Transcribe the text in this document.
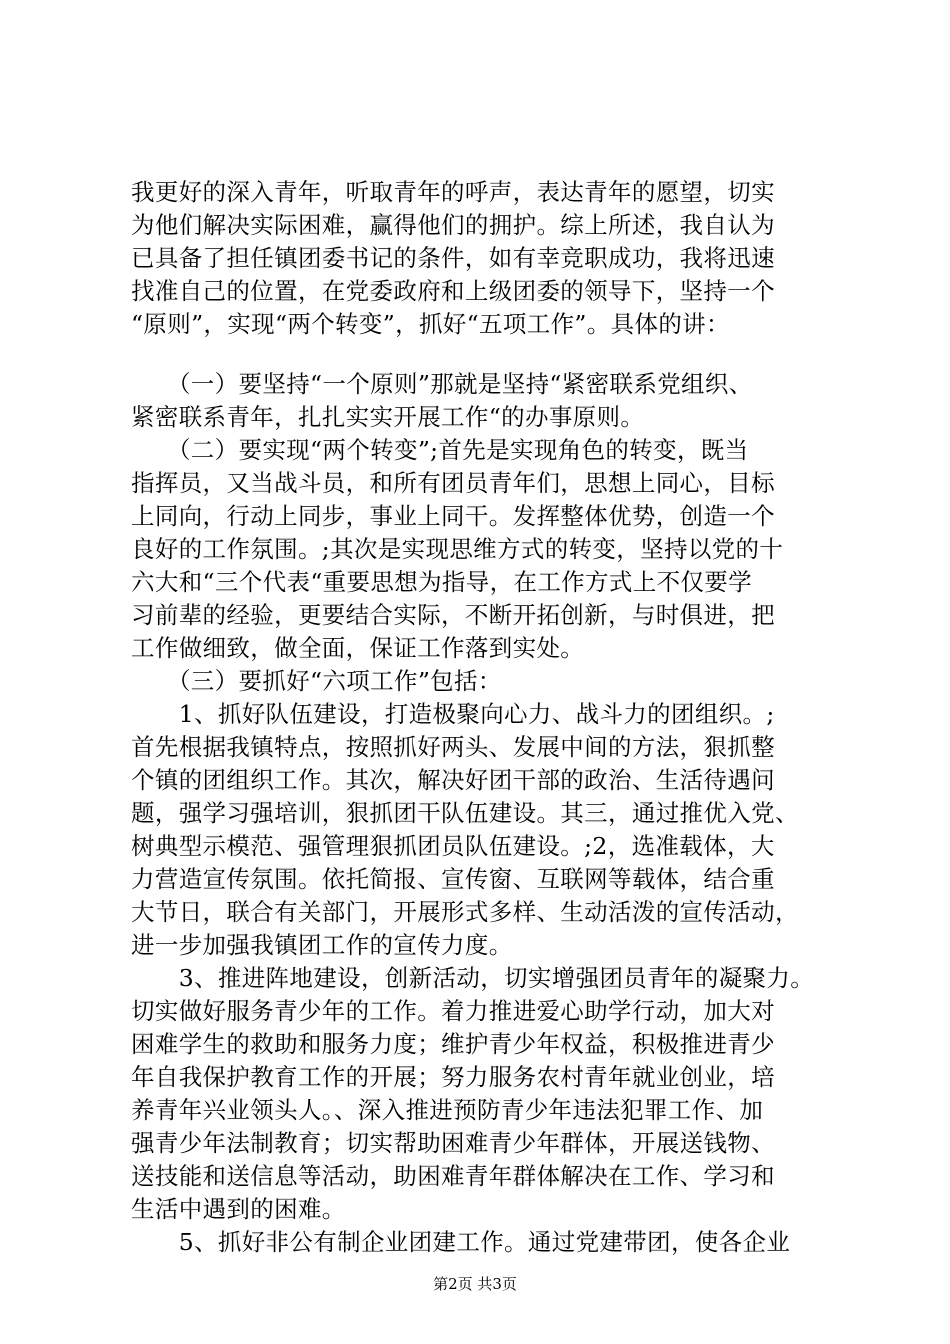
我更好的深入青年，听取青年的呼声，表达青年的愿望，切实
为他们解决实际困难，赢得他们的拥护。综上所述，我自认为
已具备了担任镇团委书记的条件，如有幸竞职成功，我将迅速
找准自己的位置，在党委政府和上级团委的领导下，坚持一个
“原则”，实现“两个转变”，抓好“五项工作”。具体的讲：
　　（一）要坚持“一个原则”那就是坚持“紧密联系党组织、
紧密联系青年，扎扎实实开展工作“的办事原则。
　　（二）要实现“两个转变”;首先是实现角色的转变，既当
指挥员，又当战斗员，和所有团员青年们，思想上同心，目标
上同向，行动上同步，事业上同干。发挥整体优势，创造一个
良好的工作氛围。;其次是实现思维方式的转变，坚持以党的十
六大和“三个代表“重要思想为指导，在工作方式上不仅要学
习前辈的经验，更要结合实际，不断开拓创新，与时俱进，把
工作做细致，做全面，保证工作落到实处。
　　（三）要抓好“六项工作”包括：
　　1、抓好队伍建设，打造极聚向心力、战斗力的团组织。;
首先根据我镇特点，按照抓好两头、发展中间的方法，狠抓整
个镇的团组织工作。其次，解决好团干部的政治、生活待遇问
题，强学习强培训，狠抓团干队伍建设。其三，通过推优入党、
树典型示模范、强管理狠抓团员队伍建设。;2，选准载体，大
力营造宣传氛围。依托简报、宣传窗、互联网等载体，结合重
大节日，联合有关部门，开展形式多样、生动活泼的宣传活动，
进一步加强我镇团工作的宣传力度。
　　3、推进阵地建设，创新活动，切实增强团员青年的凝聚力。
切实做好服务青少年的工作。着力推进爱心助学行动，加大对
困难学生的救助和服务力度；维护青少年权益，积极推进青少
年自我保护教育工作的开展；努力服务农村青年就业创业，培
养青年兴业领头人。、深入推进预防青少年违法犯罪工作、加
强青少年法制教育；切实帮助困难青少年群体，开展送钱物、
送技能和送信息等活动，助困难青年群体解决在工作、学习和
生活中遇到的困难。
　　5、抓好非公有制企业团建工作。通过党建带团，使各企业
第2页 共3页
